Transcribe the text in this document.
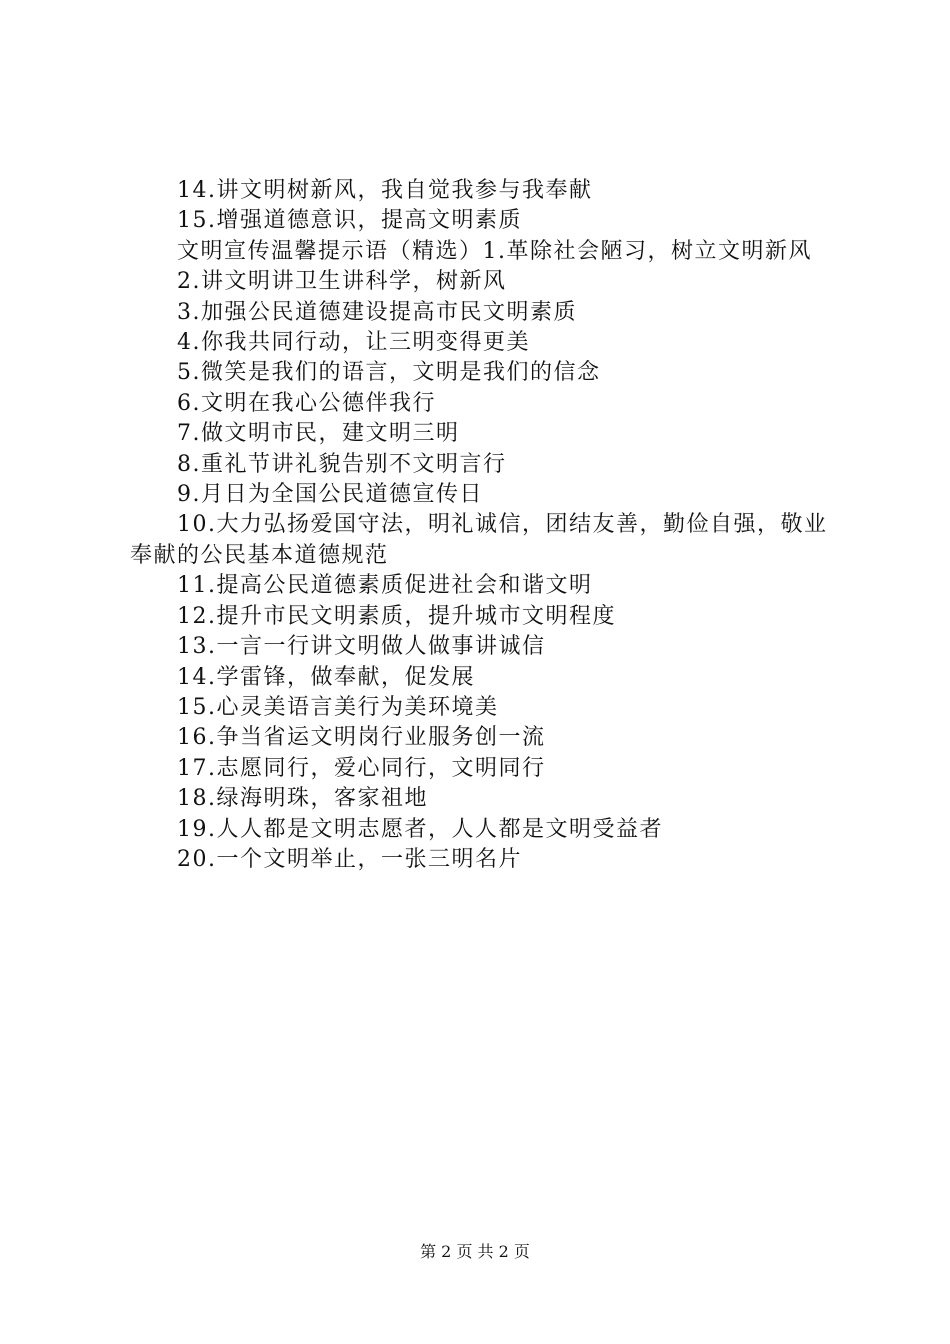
14.讲文明树新风，我自觉我参与我奉献

15.增强道德意识，提高文明素质

文明宣传温馨提示语（精选）1.革除社会陋习，树立文明新风

2.讲文明讲卫生讲科学，树新风

3.加强公民道德建设提高市民文明素质

4.你我共同行动，让三明变得更美

5.微笑是我们的语言，文明是我们的信念

6.文明在我心公德伴我行

7.做文明市民，建文明三明

8.重礼节讲礼貌告别不文明言行

9.月日为全国公民道德宣传日

10.大力弘扬爱国守法，明礼诚信，团结友善，勤俭自强，敬业奉献的公民基本道德规范

11.提高公民道德素质促进社会和谐文明

12.提升市民文明素质，提升城市文明程度

13.一言一行讲文明做人做事讲诚信

14.学雷锋，做奉献，促发展

15.心灵美语言美行为美环境美

16.争当省运文明岗行业服务创一流

17.志愿同行，爱心同行，文明同行

18.绿海明珠，客家祖地

19.人人都是文明志愿者，人人都是文明受益者

20.一个文明举止，一张三明名片

第 2 页 共 2 页
